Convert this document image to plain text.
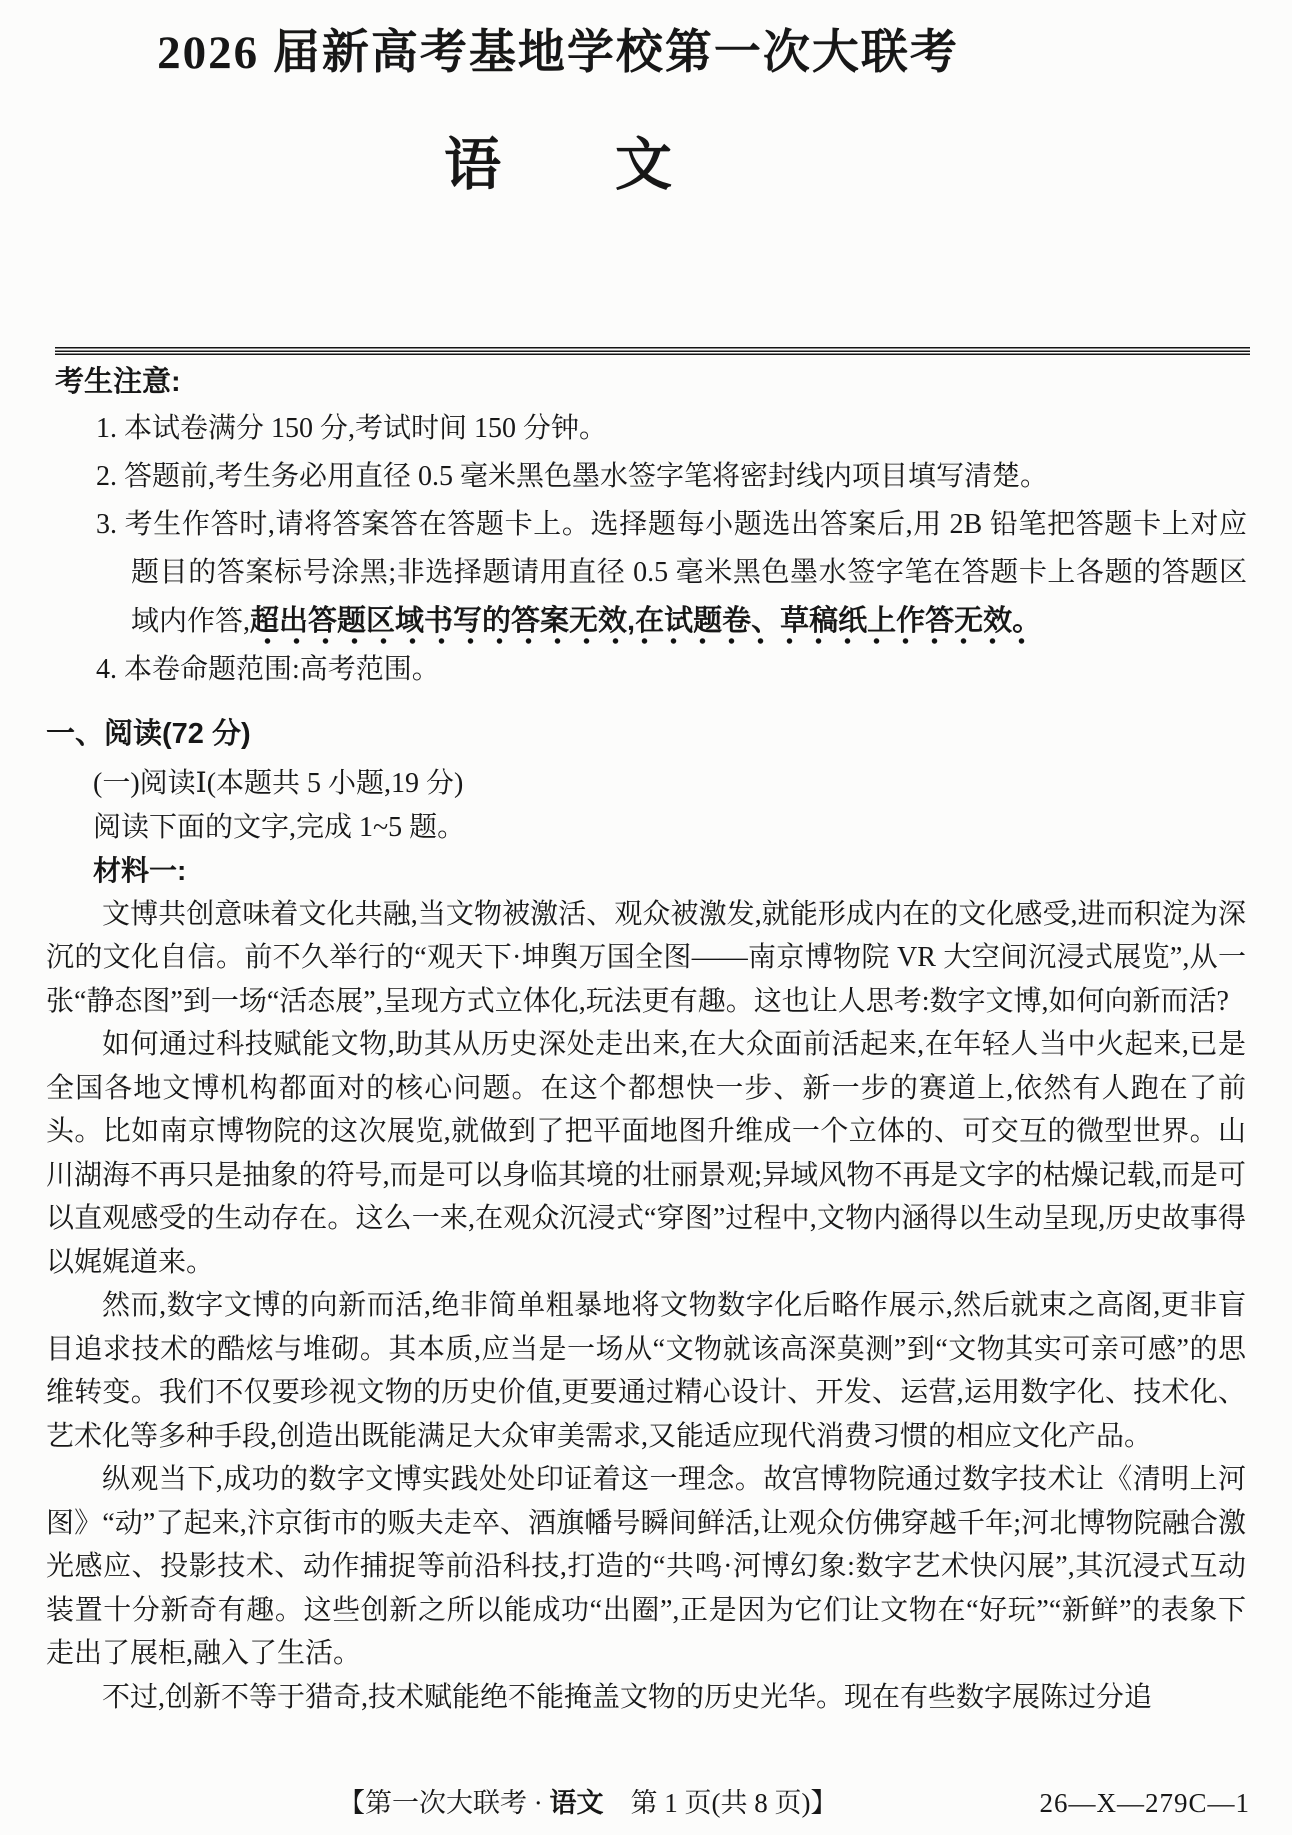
2026 届新高考基地学校第一次大联考
语　　文
考生注意:
1. 本试卷满分 150 分,考试时间 150 分钟。
2. 答题前,考生务必用直径 0.5 毫米黑色墨水签字笔将密封线内项目填写清楚。
3. 考生作答时,请将答案答在答题卡上。选择题每小题选出答案后,用 2B 铅笔把答题卡上对应题目的答案标号涂黑;非选择题请用直径 0.5 毫米黑色墨水签字笔在答题卡上各题的答题区域内作答,超出答题区域书写的答案无效,在试题卷、草稿纸上作答无效。
4. 本卷命题范围:高考范围。
一、阅读(72 分)
(一)阅读Ⅰ(本题共 5 小题,19 分)
阅读下面的文字,完成 1~5 题。
材料一:

文博共创意味着文化共融,当文物被激活、观众被激发,就能形成内在的文化感受,进而积淀为深沉的文化自信。前不久举行的“观天下·坤舆万国全图——南京博物院 VR 大空间沉浸式展览”,从一张“静态图”到一场“活态展”,呈现方式立体化,玩法更有趣。这也让人思考:数字文博,如何向新而活?

如何通过科技赋能文物,助其从历史深处走出来,在大众面前活起来,在年轻人当中火起来,已是全国各地文博机构都面对的核心问题。在这个都想快一步、新一步的赛道上,依然有人跑在了前头。比如南京博物院的这次展览,就做到了把平面地图升维成一个立体的、可交互的微型世界。山川湖海不再只是抽象的符号,而是可以身临其境的壮丽景观;异域风物不再是文字的枯燥记载,而是可以直观感受的生动存在。这么一来,在观众沉浸式“穿图”过程中,文物内涵得以生动呈现,历史故事得以娓娓道来。

然而,数字文博的向新而活,绝非简单粗暴地将文物数字化后略作展示,然后就束之高阁,更非盲目追求技术的酷炫与堆砌。其本质,应当是一场从“文物就该高深莫测”到“文物其实可亲可感”的思维转变。我们不仅要珍视文物的历史价值,更要通过精心设计、开发、运营,运用数字化、技术化、艺术化等多种手段,创造出既能满足大众审美需求,又能适应现代消费习惯的相应文化产品。

纵观当下,成功的数字文博实践处处印证着这一理念。故宫博物院通过数字技术让《清明上河图》“动”了起来,汴京街市的贩夫走卒、酒旗幡号瞬间鲜活,让观众仿佛穿越千年;河北博物院融合激光感应、投影技术、动作捕捉等前沿科技,打造的“共鸣·河博幻象:数字艺术快闪展”,其沉浸式互动装置十分新奇有趣。这些创新之所以能成功“出圈”,正是因为它们让文物在“好玩”“新鲜”的表象下走出了展柜,融入了生活。

不过,创新不等于猎奇,技术赋能绝不能掩盖文物的历史光华。现在有些数字展陈过分追

【第一次大联考 · 语文　第 1 页(共 8 页)】	26—X—279C—1
